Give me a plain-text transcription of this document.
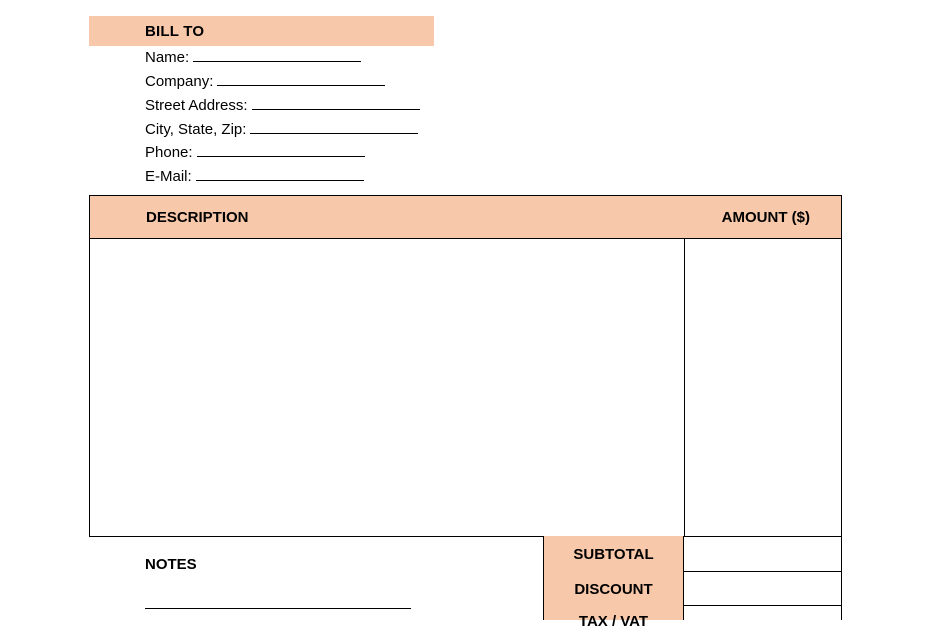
BILL TO
Name:
Company:
Street Address:
City, State, Zip:
Phone:
E-Mail:
DESCRIPTION	AMOUNT ($)
NOTES
SUBTOTAL
DISCOUNT
TAX / VAT
